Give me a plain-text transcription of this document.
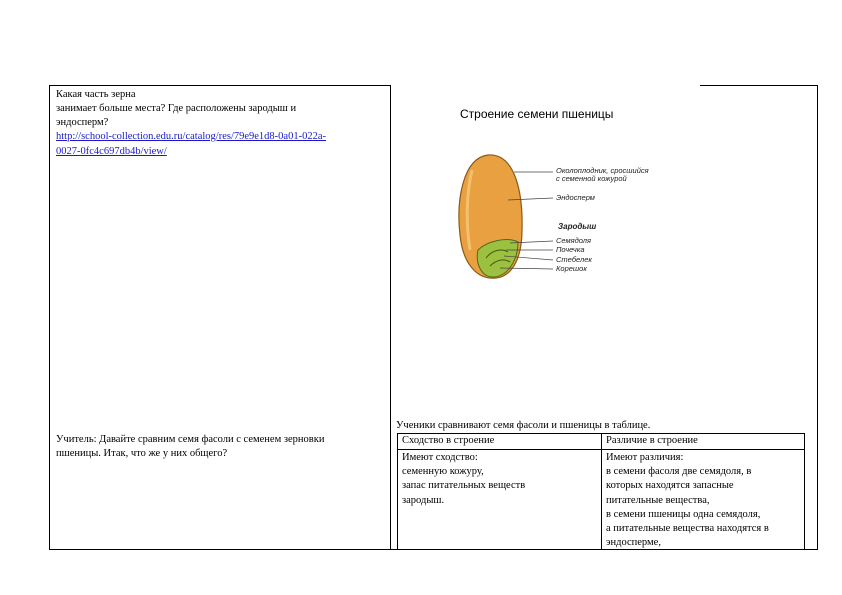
Какая часть зерна
занимает больше места? Где расположены зародыш и
эндосперм?
http://school-collection.edu.ru/catalog/res/79e9e1d8-0a01-022a-
0027-0fc4c697db4b/view/
Учитель: Давайте сравним семя фасоли с семенем зерновки
пшеницы. Итак, что же у них общего?
Строение семени пшеницы
Околоплодник, сросшийся
с семенной кожурой
Эндосперм
Зародыш
Семядоля
Почечка
Стебелек
Корешок
Ученики сравнивают семя фасоли и пшеницы в таблице.
Сходство в строение	Различие в строение
Имеют сходство:
семенную кожуру,
запас питательных веществ
зародыш.
Имеют различия:
в семени фасоля две семядоля, в
которых находятся запасные
питательные вещества,
в семени пшеницы одна семядоля,
а питательные вещества находятся в
эндосперме,
